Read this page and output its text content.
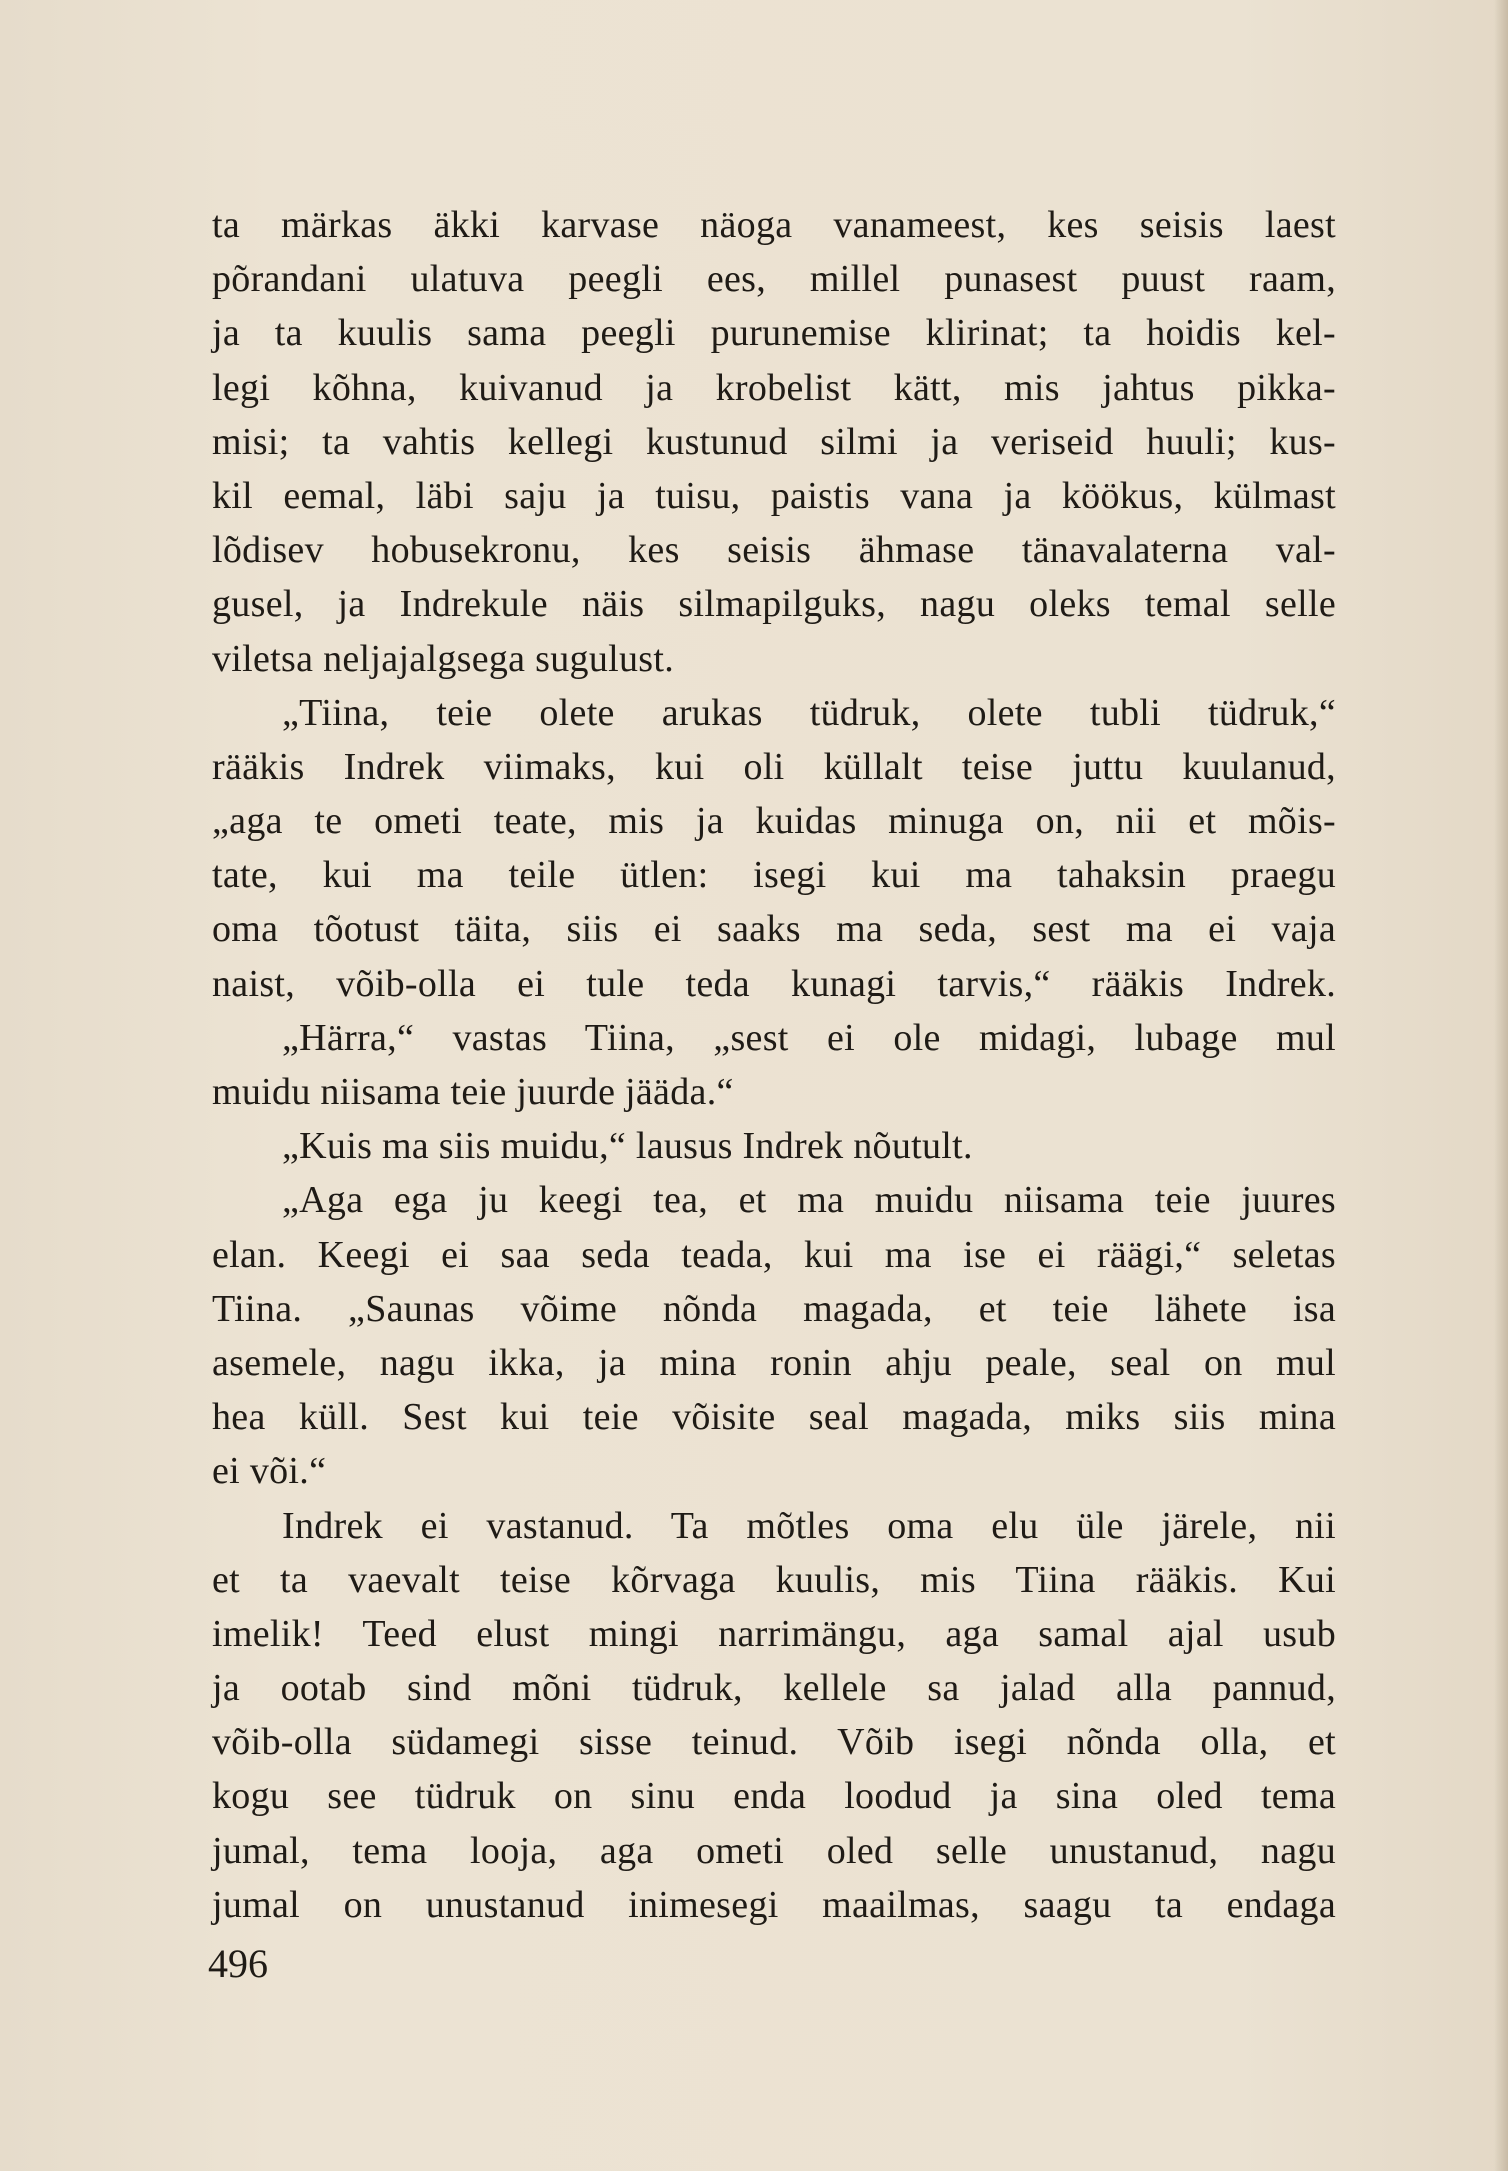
ta märkas äkki karvase näoga vanameest, kes seisis laest
põrandani ulatuva peegli ees, millel punasest puust raam,
ja ta kuulis sama peegli purunemise klirinat; ta hoidis kel-
legi kõhna, kuivanud ja krobelist kätt, mis jahtus pikka-
misi; ta vahtis kellegi kustunud silmi ja veriseid huuli; kus-
kil eemal, läbi saju ja tuisu, paistis vana ja köökus, külmast
lõdisev hobusekronu, kes seisis ähmase tänavalaterna val-
gusel, ja Indrekule näis silmapilguks, nagu oleks temal selle
viletsa neljajalgsega sugulust.
„Tiina, teie olete arukas tüdruk, olete tubli tüdruk,“
rääkis Indrek viimaks, kui oli küllalt teise juttu kuulanud,
„aga te ometi teate, mis ja kuidas minuga on, nii et mõis-
tate, kui ma teile ütlen: isegi kui ma tahaksin praegu
oma tõotust täita, siis ei saaks ma seda, sest ma ei vaja
naist, võib-olla ei tule teda kunagi tarvis,“ rääkis Indrek.
„Härra,“ vastas Tiina, „sest ei ole midagi, lubage mul
muidu niisama teie juurde jääda.“
„Kuis ma siis muidu,“ lausus Indrek nõutult.
„Aga ega ju keegi tea, et ma muidu niisama teie juures
elan. Keegi ei saa seda teada, kui ma ise ei räägi,“ seletas
Tiina. „Saunas võime nõnda magada, et teie lähete isa
asemele, nagu ikka, ja mina ronin ahju peale, seal on mul
hea küll. Sest kui teie võisite seal magada, miks siis mina
ei või.“
Indrek ei vastanud. Ta mõtles oma elu üle järele, nii
et ta vaevalt teise kõrvaga kuulis, mis Tiina rääkis. Kui
imelik! Teed elust mingi narrimängu, aga samal ajal usub
ja ootab sind mõni tüdruk, kellele sa jalad alla pannud,
võib-olla südamegi sisse teinud. Võib isegi nõnda olla, et
kogu see tüdruk on sinu enda loodud ja sina oled tema
jumal, tema looja, aga ometi oled selle unustanud, nagu
jumal on unustanud inimesegi maailmas, saagu ta endaga
496
